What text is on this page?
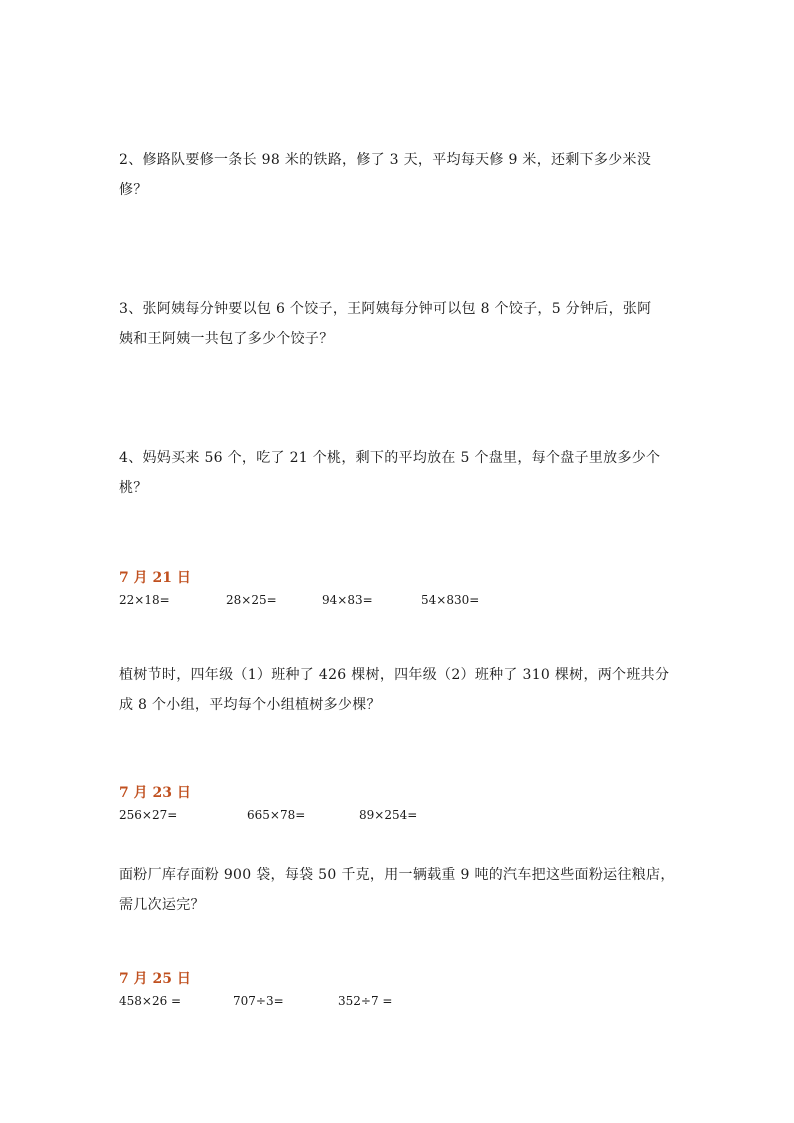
2、修路队要修一条长 98 米的铁路，修了 3 天，平均每天修 9 米，还剩下多少米没修？

3、张阿姨每分钟要以包 6 个饺子，王阿姨每分钟可以包 8 个饺子，5 分钟后，张阿

姨和王阿姨一共包了多少个饺子？

4、妈妈买来 56 个，吃了 21 个桃，剩下的平均放在 5 个盘里，每个盘子里放多少个

桃？

7 月 21 日

22×18=	28×25=	94×83=	54×830=

植树节时，四年级（1）班种了 426 棵树，四年级（2）班种了 310 棵树，两个班共分

成 8 个小组，平均每个小组植树多少棵？

7 月 23 日

256×27=	665×78=	89×254=

面粉厂库存面粉 900 袋，每袋 50 千克，用一辆载重 9 吨的汽车把这些面粉运往粮店，

需几次运完？

7 月 25 日

458×26 =	707÷3=	352÷7 =
